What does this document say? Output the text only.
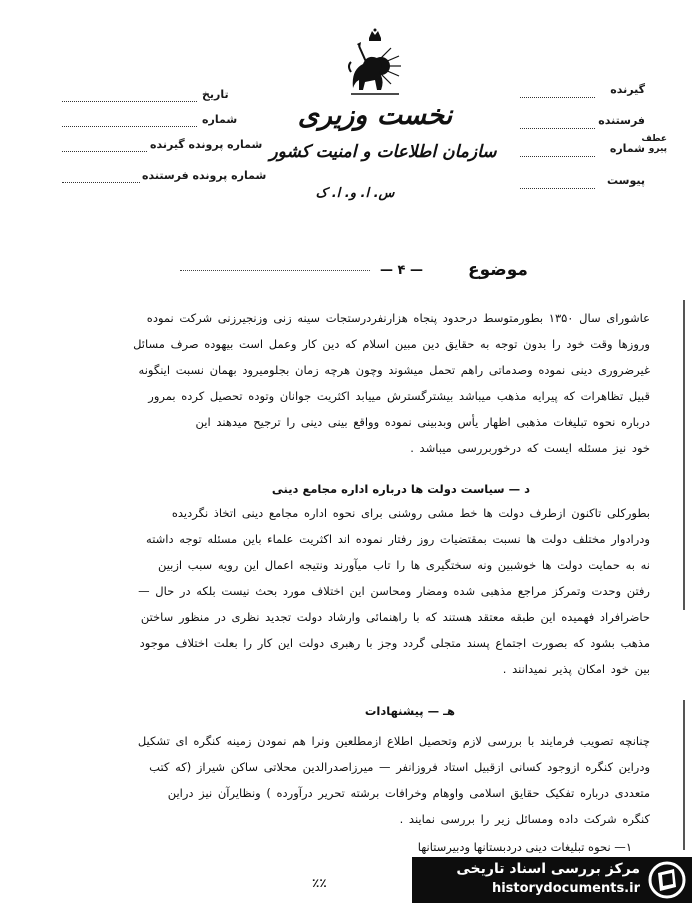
گیرنده
فرستنده
شماره
عطف
پیرو
پیوست
تاریخ
شماره
شماره پرونده گیرنده
شماره پرونده فرستنده
نخست وزیری
سازمان اطلاعات و امنیت کشور
س. ا. و. ا. ک
موضوع
— ۴ —
عاشورای سال ۱۳۵۰ بطورمتوسط درحدود پنجاه هزارنفردرستجات سینه زنی وزنجیرزنی شرکت نموده
وروزها وقت خود را بدون توجه به حقایق دین مبین اسلام که دین کار وعمل است بیهوده صرف مسائل
غیرضروری دینی نموده وصدماتی راهم تحمل میشوند وچون هرچه زمان بجلومیرود بهمان نسبت اینگونه
قبیل تظاهرات که پیرایه مذهب میباشد بیشترگسترش مییابد اکثریت جوانان وتوده تحصیل کرده بمرور
درباره نحوه تبلیغات مذهبی اظهار یأس وبدبینی نموده وواقع بینی دینی را ترجیح میدهند این
خود نیز مسئله ایست که درخوربررسی میباشد .
د — سیاست دولت ها درباره اداره مجامع دینی
بطورکلی تاکنون ازطرف دولت ها خط مشی روشنی برای نحوه اداره مجامع دینی اتخاذ نگردیده
ودرادوار مختلف دولت ها نسبت بمقتضیات روز رفتار نموده اند اکثریت علماء باین مسئله توجه داشته
نه به حمایت دولت ها خوشبین ونه سختگیری ها را تاب میآورند ونتیجه اعمال این رویه سبب ازبین
رفتن وحدت وتمرکز مراجع مذهبی شده ومضار ومحاسن این اختلاف مورد بحث نیست بلکه در حال —
حاضرافراد فهمیده این طبقه معتقد هستند که با راهنمائی وارشاد دولت تجدید نظری در منظور ساختن
مذهب بشود که بصورت اجتماع پسند متجلی گردد وجز با رهبری دولت این کار را بعلت اختلاف موجود
بین خود امکان پذیر نمیدانند .
هـ — پیشنهادات
چنانچه تصویب فرمایند با بررسی لازم وتحصیل اطلاع ازمطلعین ونرا هم نمودن زمینه کنگره ای تشکیل
ودراین کنگره ازوجود کسانی ازقبیل استاد فروزانفر — میرزاصدرالدین محلاتی ساکن شیراز (که کتب
متعددی درباره تفکیک حقایق اسلامی واوهام وخرافات برشته تحریر درآورده ) ونظایرآن نیز دراین
کنگره شرکت داده ومسائل زیر را بررسی نمایند .
۱— نحوه تبلیغات دینی دردبستانها ودبیرستانها
٪٪
مرکز بررسی اسناد تاریخی
historydocuments.ir
